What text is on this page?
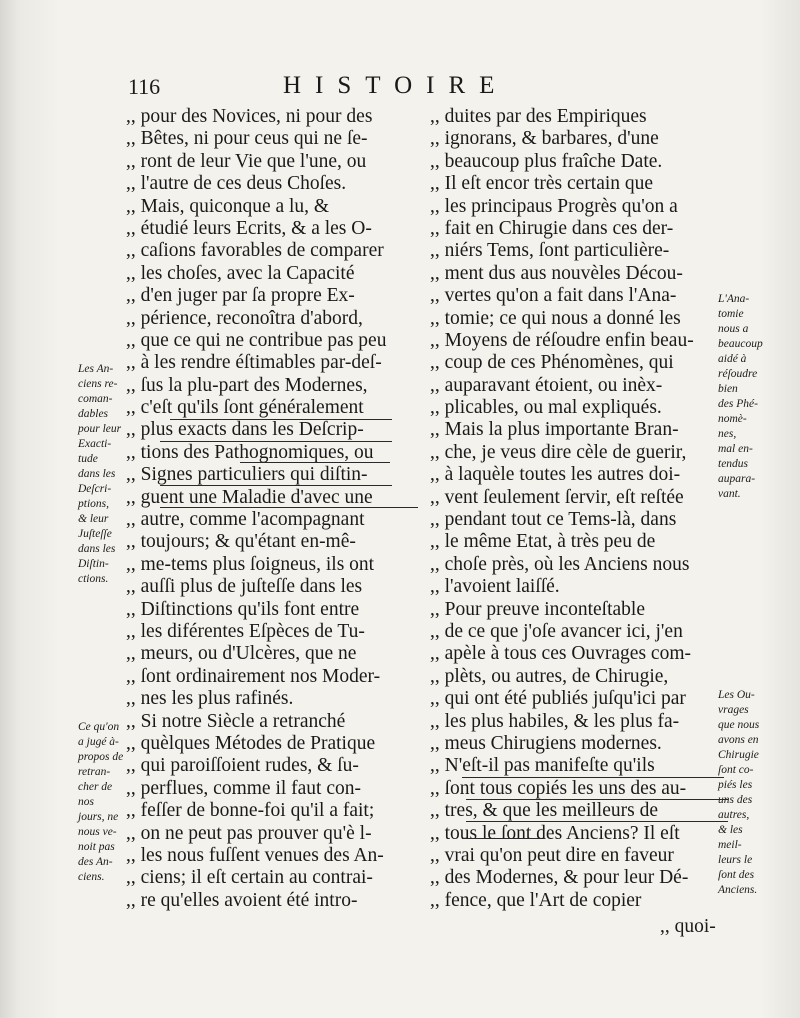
116	HISTOIRE
,, pour des Novices, ni pour des
,, Bêtes, ni pour ceus qui ne ſe-
,, ront de leur Vie que l'une, ou
,, l'autre de ces deus Choſes.
,, Mais, quiconque a lu, &
,, étudié leurs Ecrits, & a les O-
,, caſions favorables de comparer
,, les choſes, avec la Capacité
,, d'en juger par ſa propre Ex-
,, périence, reconoîtra d'abord,
,, que ce qui ne contribue pas peu
,, à les rendre éſtimables par-deſ-
,, ſus la plu-part des Modernes,
,, c'eſt qu'ils ſont généralement
,, plus exacts dans les Deſcrip-
,, tions des Pathognomiques, ou
,, Signes particuliers qui diſtin-
,, guent une Maladie d'avec une
,, autre, comme l'acompagnant
,, toujours; & qu'étant en-mê-
,, me-tems plus ſoigneus, ils ont
,, auſſi plus de juſteſſe dans les
,, Diſtinctions qu'ils font entre
,, les diférentes Eſpèces de Tu-
,, meurs, ou d'Ulcères, que ne
,, ſont ordinairement nos Moder-
,, nes les plus rafinés.
,, Si notre Siècle a retranché
,, quèlques Métodes de Pratique
,, qui paroiſſoient rudes, & ſu-
,, perflues, comme il faut con-
,, feſſer de bonne-foi qu'il a fait;
,, on ne peut pas prouver qu'è l-
,, les nous fuſſent venues des An-
,, ciens; il eſt certain au contrai-
,, re qu'elles avoient été intro-
,, duites par des Empiriques
,, ignorans, & barbares, d'une
,, beaucoup plus fraîche Date.
,, Il eſt encor très certain que
,, les principaus Progrès qu'on a
,, fait en Chirugie dans ces der-
,, niérs Tems, ſont particulière-
,, ment dus aus nouvèles Décou-
,, vertes qu'on a fait dans l'Ana-
,, tomie; ce qui nous a donné les
,, Moyens de réſoudre enfin beau-
,, coup de ces Phénomènes, qui
,, auparavant étoient, ou inèx-
,, plicables, ou mal expliqués.
,, Mais la plus importante Bran-
,, che, je veus dire cèle de guerir,
,, à laquèle toutes les autres doi-
,, vent ſeulement ſervir, eſt reſtée
,, pendant tout ce Tems-là, dans
,, le même Etat, à très peu de
,, choſe près, où les Anciens nous
,, l'avoient laiſſé.
,, Pour preuve inconteſtable
,, de ce que j'oſe avancer ici, j'en
,, apèle à tous ces Ouvrages com-
,, plèts, ou autres, de Chirugie,
,, qui ont été publiés juſqu'ici par
,, les plus habiles, & les plus fa-
,, meus Chirugiens modernes.
,, N'eſt-il pas manifeſte qu'ils
,, ſont tous copiés les uns des au-
,, tres, & que les meilleurs de
,, tous le ſont des Anciens? Il eſt
,, vrai qu'on peut dire en faveur
,, des Modernes, & pour leur Dé-
,, fence, que l'Art de copier
Les An-
ciens re-
coman-
dables
pour leur
Exacti-
tude
dans les
Deſcri-
ptions,
& leur
Juſteſſe
dans les
Diſtin-
ctions.
Ce qu'on
a jugé à-
propos de
retran-
cher de
nos
jours, ne
nous ve-
noit pas
des An-
ciens.
L'Ana-
tomie
nous a
beaucoup
aidé à
réſoudre
bien
des Phé-
nomè-
nes,
mal en-
tendus
aupara-
vant.
Les Ou-
vrages
que nous
avons en
Chirugie
ſont co-
piés les
uns des
autres,
& les
meil-
leurs le
ſont des
Anciens.
,, quoi-
